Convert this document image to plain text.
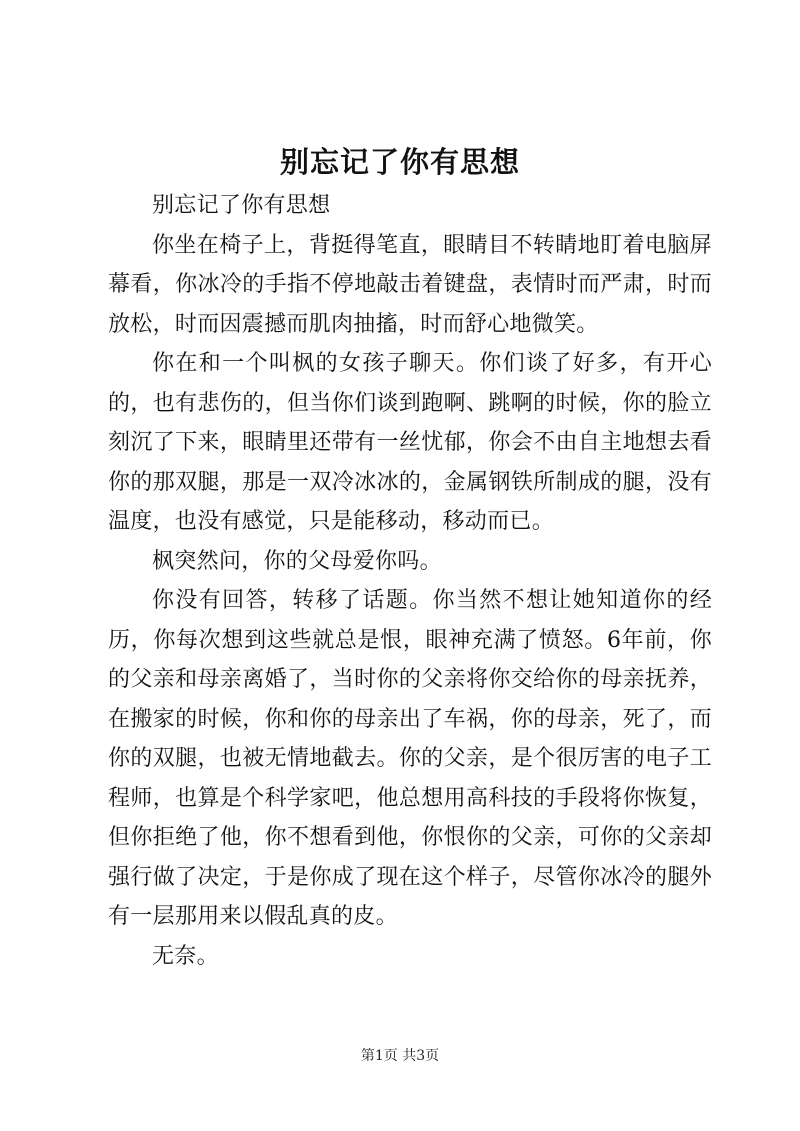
别忘记了你有思想

别忘记了你有思想

你坐在椅子上，背挺得笔直，眼睛目不转睛地盯着电脑屏幕看，你冰冷的手指不停地敲击着键盘，表情时而严肃，时而放松，时而因震撼而肌肉抽搐，时而舒心地微笑。

你在和一个叫枫的女孩子聊天。你们谈了好多，有开心的，也有悲伤的，但当你们谈到跑啊、跳啊的时候，你的脸立刻沉了下来，眼睛里还带有一丝忧郁，你会不由自主地想去看你的那双腿，那是一双冷冰冰的，金属钢铁所制成的腿，没有温度，也没有感觉，只是能移动，移动而已。

枫突然问，你的父母爱你吗。

你没有回答，转移了话题。你当然不想让她知道你的经历，你每次想到这些就总是恨，眼神充满了愤怒。6年前，你的父亲和母亲离婚了，当时你的父亲将你交给你的母亲抚养，在搬家的时候，你和你的母亲出了车祸，你的母亲，死了，而你的双腿，也被无情地截去。你的父亲，是个很厉害的电子工程师，也算是个科学家吧，他总想用高科技的手段将你恢复，但你拒绝了他，你不想看到他，你恨你的父亲，可你的父亲却强行做了决定，于是你成了现在这个样子，尽管你冰冷的腿外有一层那用来以假乱真的皮。

无奈。

第1页 共3页
